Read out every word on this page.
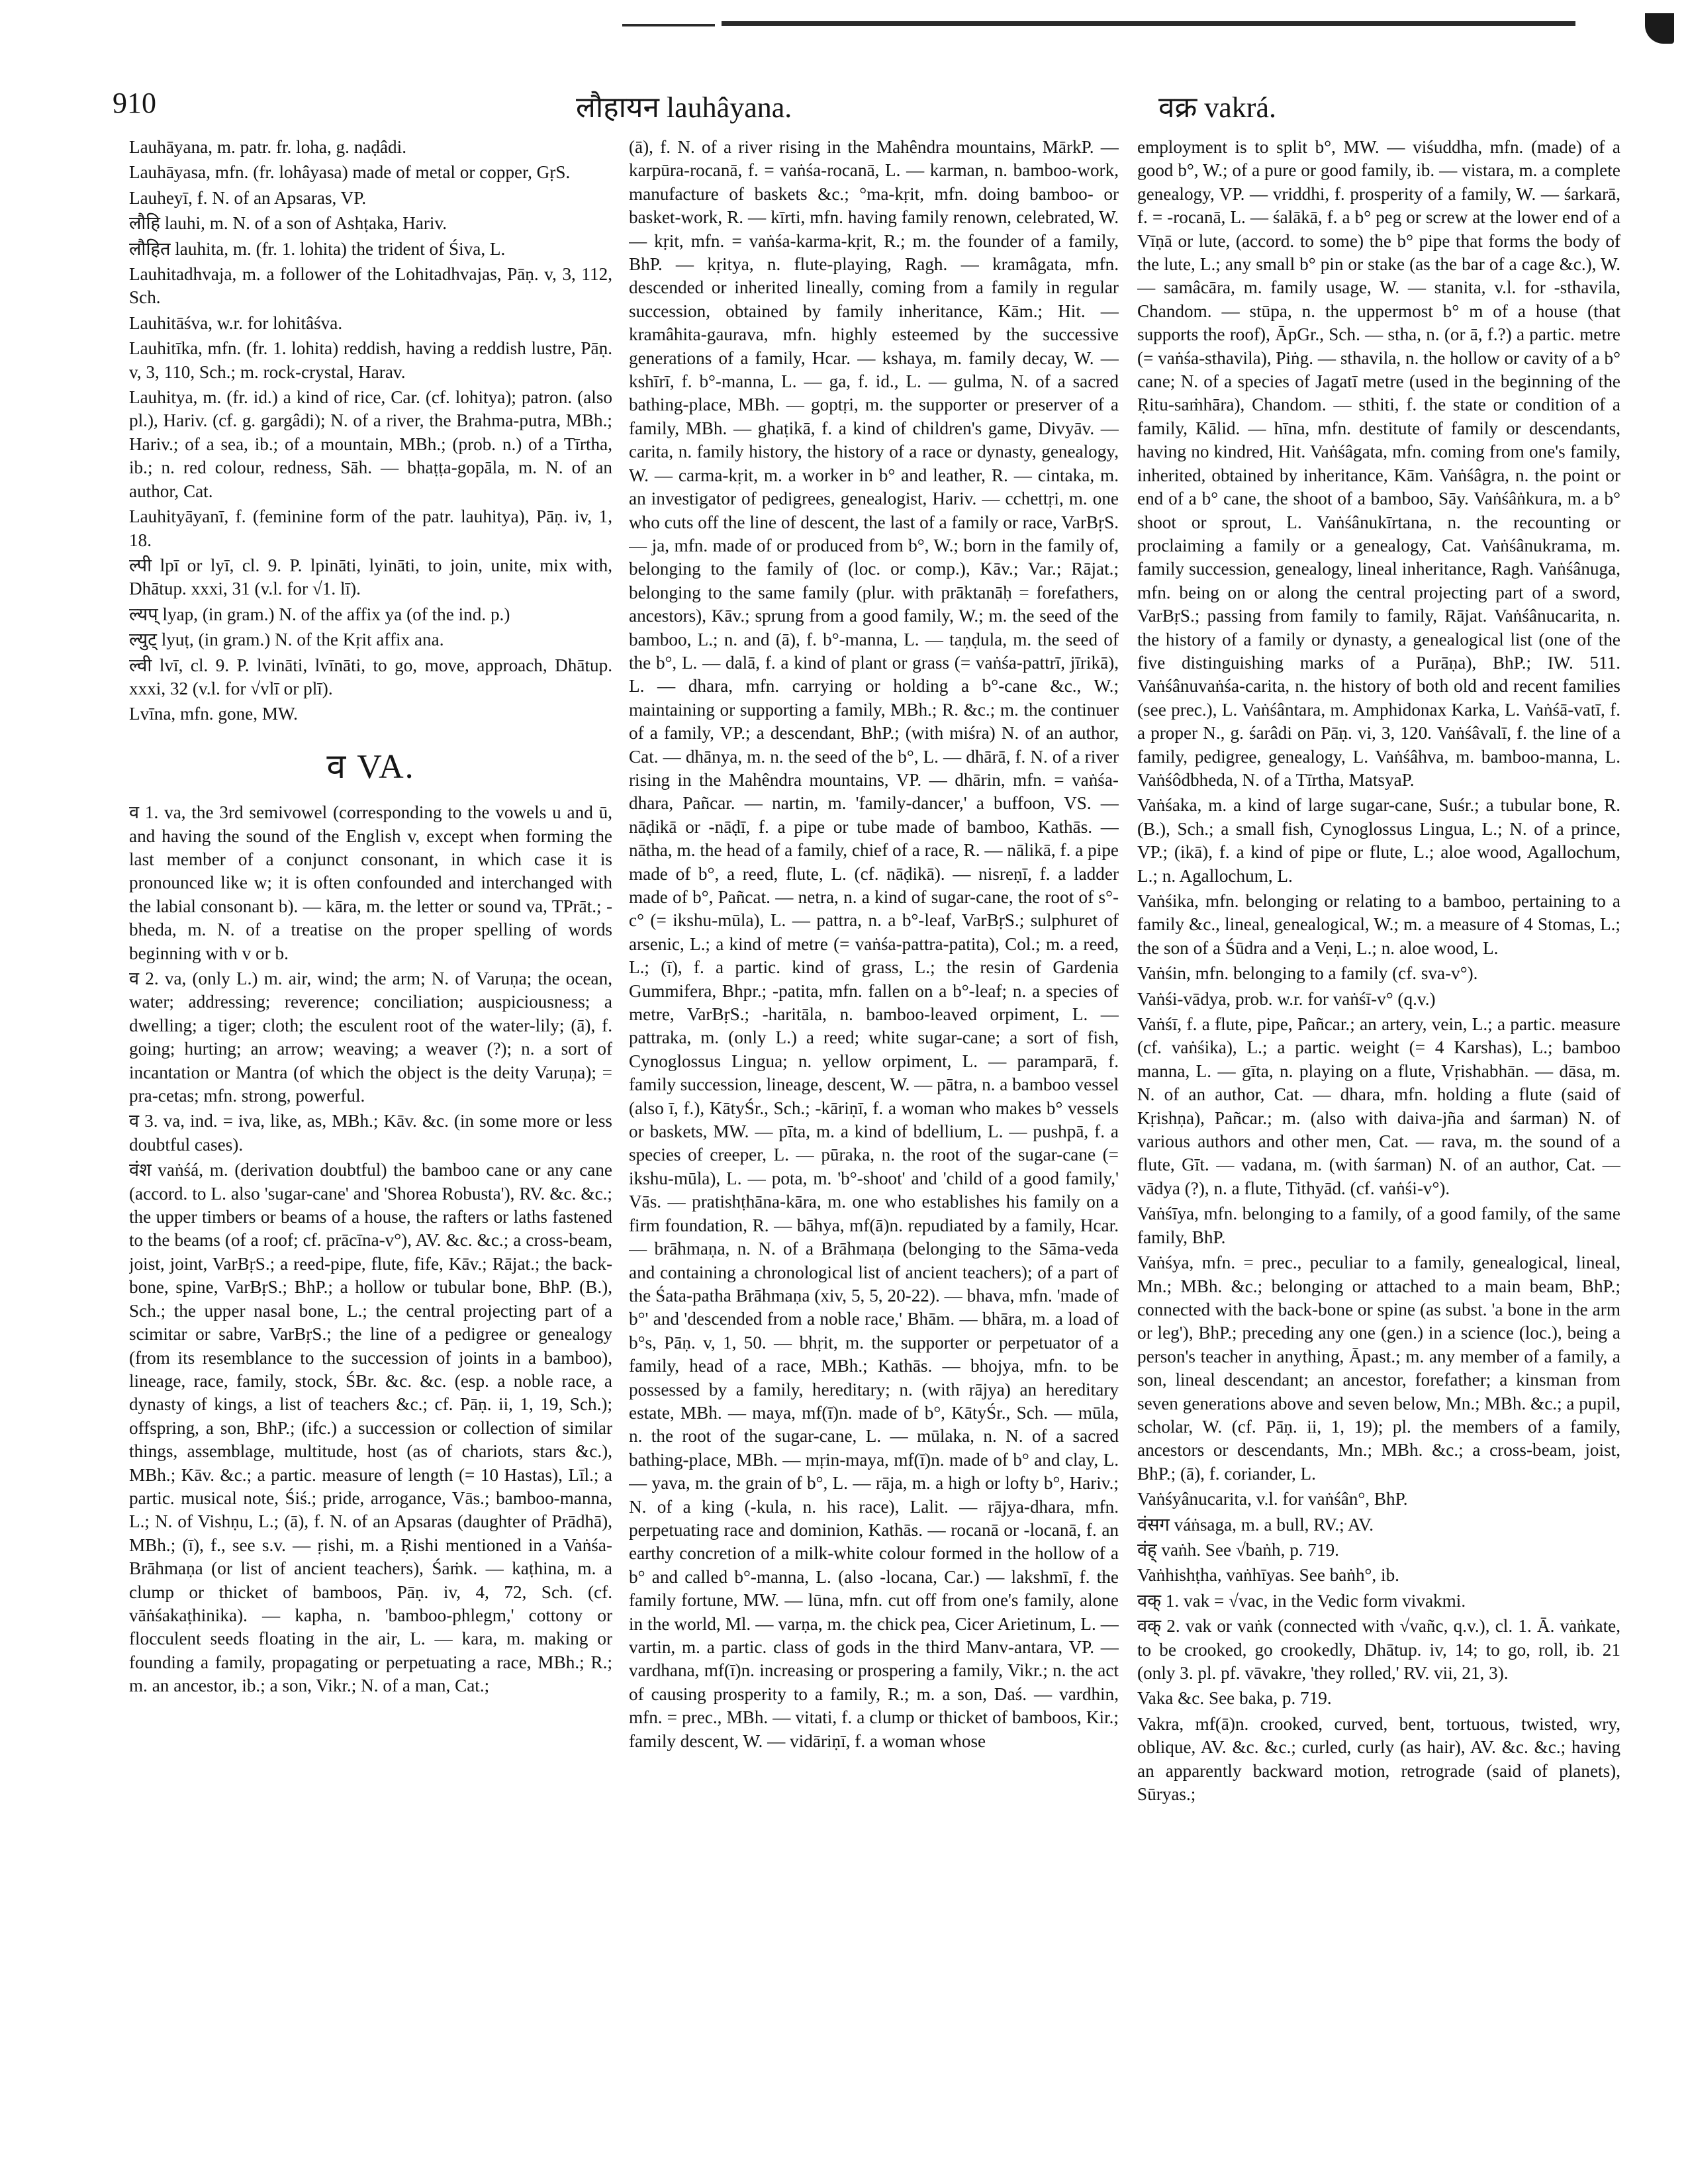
910	लौहायन lauhâyana.	वक्र vakrá.

Lauhāyana, m. patr. fr. loha, g. naḍâdi.

Lauhāyasa, mfn. (fr. lohâyasa) made of metal or copper, GṛS.

Lauheyī, f. N. of an Apsaras, VP.

लौहि lauhi, m. N. of a son of Ashṭaka, Hariv.

लौहित lauhita, m. (fr. 1. lohita) the trident of Śiva, L.

Lauhitadhvaja, m. a follower of the Lohitadhvajas, Pāṇ. v, 3, 112, Sch.

Lauhitāśva, w.r. for lohitâśva.

Lauhitīka, mfn. (fr. 1. lohita) reddish, having a reddish lustre, Pāṇ. v, 3, 110, Sch.; m. rock-crystal, Harav.

Lauhitya, m. (fr. id.) a kind of rice, Car. (cf. lohitya); patron. (also pl.), Hariv. (cf. g. gargâdi); N. of a river, the Brahma-putra, MBh.; Hariv.; of a sea, ib.; of a mountain, MBh.; (prob. n.) of a Tīrtha, ib.; n. red colour, redness, Sāh. — bhaṭṭa-gopāla, m. N. of an author, Cat.

Lauhityāyanī, f. (feminine form of the patr. lauhitya), Pāṇ. iv, 1, 18.

ल्पी lpī or lyī, cl. 9. P. lpināti, lyināti, to join, unite, mix with, Dhātup. xxxi, 31 (v.l. for √1. lī).

ल्यप् lyap, (in gram.) N. of the affix ya (of the ind. p.)

ल्युट् lyuṭ, (in gram.) N. of the Kṛit affix ana.

ल्वी lvī, cl. 9. P. lvināti, lvīnāti, to go, move, approach, Dhātup. xxxi, 32 (v.l. for √vlī or plī).

Lvīna, mfn. gone, MW.

व VA.

व 1. va, the 3rd semivowel (corresponding to the vowels u and ū, and having the sound of the English v, except when forming the last member of a conjunct consonant, in which case it is pronounced like w; it is often confounded and interchanged with the labial consonant b). — kāra, m. the letter or sound va, TPrāt.; -bheda, m. N. of a treatise on the proper spelling of words beginning with v or b.

व 2. va, (only L.) m. air, wind; the arm; N. of Varuṇa; the ocean, water; addressing; reverence; conciliation; auspiciousness; a dwelling; a tiger; cloth; the esculent root of the water-lily; (ā), f. going; hurting; an arrow; weaving; a weaver (?); n. a sort of incantation or Mantra (of which the object is the deity Varuṇa); = pra-cetas; mfn. strong, powerful.

व 3. va, ind. = iva, like, as, MBh.; Kāv. &c. (in some more or less doubtful cases).

वंश vaṅśá, m. (derivation doubtful) the bamboo cane or any cane (accord. to L. also 'sugar-cane' and 'Shorea Robusta'), RV. &c. &c.; the upper timbers or beams of a house, the rafters or laths fastened to the beams (of a roof; cf. prācīna-v°), AV. &c. &c.; a cross-beam, joist, joint, VarBṛS.; a reed-pipe, flute, fife, Kāv.; Rājat.; the back-bone, spine, VarBṛS.; BhP.; a hollow or tubular bone, BhP. (B.), Sch.; the upper nasal bone, L.; the central projecting part of a scimitar or sabre, VarBṛS.; the line of a pedigree or genealogy (from its resemblance to the succession of joints in a bamboo), lineage, race, family, stock, ŚBr. &c. &c. (esp. a noble race, a dynasty of kings, a list of teachers &c.; cf. Pāṇ. ii, 1, 19, Sch.); offspring, a son, BhP.; (ifc.) a succession or collection of similar things, assemblage, multitude, host (as of chariots, stars &c.), MBh.; Kāv. &c.; a partic. measure of length (= 10 Hastas), Līl.; a partic. musical note, Śiś.; pride, arrogance, Vās.; bamboo-manna, L.; N. of Vishṇu, L.; (ā), f. N. of an Apsaras (daughter of Prādhā), MBh.; (ī), f., see s.v. — ṛishi, m. a Ṛishi mentioned in a Vaṅśa-Brāhmaṇa (or list of ancient teachers), Śaṁk. — kaṭhina, m. a clump or thicket of bamboos, Pāṇ. iv, 4, 72, Sch. (cf. vāṅśakaṭhinika). — kapha, n. 'bamboo-phlegm,' cottony or flocculent seeds floating in the air, L. — kara, m. making or founding a family, propagating or perpetuating a race, MBh.; R.; m. an ancestor, ib.; a son, Vikr.; N. of a man, Cat.;

(ā), f. N. of a river rising in the Mahêndra mountains, MārkP. — karpūra-rocanā, f. = vaṅśa-rocanā, L. — karman, n. bamboo-work, manufacture of baskets &c.; °ma-kṛit, mfn. doing bamboo- or basket-work, R. — kīrti, mfn. having family renown, celebrated, W. — kṛit, mfn. = vaṅśa-karma-kṛit, R.; m. the founder of a family, BhP. — kṛitya, n. flute-playing, Ragh. — kramâgata, mfn. descended or inherited lineally, coming from a family in regular succession, obtained by family inheritance, Kām.; Hit. — kramâhita-gaurava, mfn. highly esteemed by the successive generations of a family, Hcar. — kshaya, m. family decay, W. — kshīrī, f. b°-manna, L. — ga, f. id., L. — gulma, N. of a sacred bathing-place, MBh. — goptṛi, m. the supporter or preserver of a family, MBh. — ghaṭikā, f. a kind of children's game, Divyāv. — carita, n. family history, the history of a race or dynasty, genealogy, W. — carma-kṛit, m. a worker in b° and leather, R. — cintaka, m. an investigator of pedigrees, genealogist, Hariv. — cchettṛi, m. one who cuts off the line of descent, the last of a family or race, VarBṛS. — ja, mfn. made of or produced from b°, W.; born in the family of, belonging to the family of (loc. or comp.), Kāv.; Var.; Rājat.; belonging to the same family (plur. with prāktanāḥ = forefathers, ancestors), Kāv.; sprung from a good family, W.; m. the seed of the bamboo, L.; n. and (ā), f. b°-manna, L. — taṇḍula, m. the seed of the b°, L. — dalā, f. a kind of plant or grass (= vaṅśa-pattrī, jīrikā), L. — dhara, mfn. carrying or holding a b°-cane &c., W.; maintaining or supporting a family, MBh.; R. &c.; m. the continuer of a family, VP.; a descendant, BhP.; (with miśra) N. of an author, Cat. — dhānya, m. n. the seed of the b°, L. — dhārā, f. N. of a river rising in the Mahêndra mountains, VP. — dhārin, mfn. = vaṅśa-dhara, Pañcar. — nartin, m. 'family-dancer,' a buffoon, VS. — nāḍikā or -nāḍī, f. a pipe or tube made of bamboo, Kathās. — nātha, m. the head of a family, chief of a race, R. — nālikā, f. a pipe made of b°, a reed, flute, L. (cf. nāḍikā). — nisreṇī, f. a ladder made of b°, Pañcat. — netra, n. a kind of sugar-cane, the root of s°-c° (= ikshu-mūla), L. — pattra, n. a b°-leaf, VarBṛS.; sulphuret of arsenic, L.; a kind of metre (= vaṅśa-pattra-patita), Col.; m. a reed, L.; (ī), f. a partic. kind of grass, L.; the resin of Gardenia Gummifera, Bhpr.; -patita, mfn. fallen on a b°-leaf; n. a species of metre, VarBṛS.; -haritāla, n. bamboo-leaved orpiment, L. — pattraka, m. (only L.) a reed; white sugar-cane; a sort of fish, Cynoglossus Lingua; n. yellow orpiment, L. — paramparā, f. family succession, lineage, descent, W. — pātra, n. a bamboo vessel (also ī, f.), KātyŚr., Sch.; -kāriṇī, f. a woman who makes b° vessels or baskets, MW. — pīta, m. a kind of bdellium, L. — pushpā, f. a species of creeper, L. — pūraka, n. the root of the sugar-cane (= ikshu-mūla), L. — pota, m. 'b°-shoot' and 'child of a good family,' Vās. — pratishṭhāna-kāra, m. one who establishes his family on a firm foundation, R. — bāhya, mf(ā)n. repudiated by a family, Hcar. — brāhmaṇa, n. N. of a Brāhmaṇa (belonging to the Sāma-veda and containing a chronological list of ancient teachers); of a part of the Śata-patha Brāhmaṇa (xiv, 5, 5, 20-22). — bhava, mfn. 'made of b°' and 'descended from a noble race,' Bhām. — bhāra, m. a load of b°s, Pāṇ. v, 1, 50. — bhṛit, m. the supporter or perpetuator of a family, head of a race, MBh.; Kathās. — bhojya, mfn. to be possessed by a family, hereditary; n. (with rājya) an hereditary estate, MBh. — maya, mf(ī)n. made of b°, KātyŚr., Sch. — mūla, n. the root of the sugar-cane, L. — mūlaka, n. N. of a sacred bathing-place, MBh. — mṛin-maya, mf(ī)n. made of b° and clay, L. — yava, m. the grain of b°, L. — rāja, m. a high or lofty b°, Hariv.; N. of a king (-kula, n. his race), Lalit. — rājya-dhara, mfn. perpetuating race and dominion, Kathās. — rocanā or -locanā, f. an earthy concretion of a milk-white colour formed in the hollow of a b° and called b°-manna, L. (also -locana, Car.) — lakshmī, f. the family fortune, MW. — lūna, mfn. cut off from one's family, alone in the world, Ml. — varṇa, m. the chick pea, Cicer Arietinum, L. — vartin, m. a partic. class of gods in the third Manv-antara, VP. — vardhana, mf(ī)n. increasing or prospering a family, Vikr.; n. the act of causing prosperity to a family, R.; m. a son, Daś. — vardhin, mfn. = prec., MBh. — vitati, f. a clump or thicket of bamboos, Kir.; family descent, W. — vidāriṇī, f. a woman whose

employment is to split b°, MW. — viśuddha, mfn. (made) of a good b°, W.; of a pure or good family, ib. — vistara, m. a complete genealogy, VP. — vriddhi, f. prosperity of a family, W. — śarkarā, f. = -rocanā, L. — śalākā, f. a b° peg or screw at the lower end of a Vīṇā or lute, (accord. to some) the b° pipe that forms the body of the lute, L.; any small b° pin or stake (as the bar of a cage &c.), W. — samâcāra, m. family usage, W. — stanita, v.l. for -sthavila, Chandom. — stūpa, n. the uppermost b° m of a house (that supports the roof), ĀpGr., Sch. — stha, n. (or ā, f.?) a partic. metre (= vaṅśa-sthavila), Piṅg. — sthavila, n. the hollow or cavity of a b° cane; N. of a species of Jagatī metre (used in the beginning of the Ṛitu-saṁhāra), Chandom. — sthiti, f. the state or condition of a family, Kālid. — hīna, mfn. destitute of family or descendants, having no kindred, Hit. Vaṅśâgata, mfn. coming from one's family, inherited, obtained by inheritance, Kām. Vaṅśâgra, n. the point or end of a b° cane, the shoot of a bamboo, Sāy. Vaṅśâṅkura, m. a b° shoot or sprout, L. Vaṅśânukīrtana, n. the recounting or proclaiming a family or a genealogy, Cat. Vaṅśânukrama, m. family succession, genealogy, lineal inheritance, Ragh. Vaṅśânuga, mfn. being on or along the central projecting part of a sword, VarBṛS.; passing from family to family, Rājat. Vaṅśânucarita, n. the history of a family or dynasty, a genealogical list (one of the five distinguishing marks of a Purāṇa), BhP.; IW. 511. Vaṅśânuvaṅśa-carita, n. the history of both old and recent families (see prec.), L. Vaṅśântara, m. Amphidonax Karka, L. Vaṅśā-vatī, f. a proper N., g. śarâdi on Pāṇ. vi, 3, 120. Vaṅśâvalī, f. the line of a family, pedigree, genealogy, L. Vaṅśâhva, m. bamboo-manna, L. Vaṅśôdbheda, N. of a Tīrtha, MatsyaP.

Vaṅśaka, m. a kind of large sugar-cane, Suśr.; a tubular bone, R. (B.), Sch.; a small fish, Cynoglossus Lingua, L.; N. of a prince, VP.; (ikā), f. a kind of pipe or flute, L.; aloe wood, Agallochum, L.; n. Agallochum, L.

Vaṅśika, mfn. belonging or relating to a bamboo, pertaining to a family &c., lineal, genealogical, W.; m. a measure of 4 Stomas, L.; the son of a Śūdra and a Veṇi, L.; n. aloe wood, L.

Vaṅśin, mfn. belonging to a family (cf. sva-v°).

Vaṅśi-vādya, prob. w.r. for vaṅśī-v° (q.v.)

Vaṅśī, f. a flute, pipe, Pañcar.; an artery, vein, L.; a partic. measure (cf. vaṅśika), L.; a partic. weight (= 4 Karshas), L.; bamboo manna, L. — gīta, n. playing on a flute, Vṛishabhān. — dāsa, m. N. of an author, Cat. — dhara, mfn. holding a flute (said of Kṛishṇa), Pañcar.; m. (also with daiva-jña and śarman) N. of various authors and other men, Cat. — rava, m. the sound of a flute, Gīt. — vadana, m. (with śarman) N. of an author, Cat. — vādya (?), n. a flute, Tithyād. (cf. vaṅśi-v°).

Vaṅśīya, mfn. belonging to a family, of a good family, of the same family, BhP.

Vaṅśya, mfn. = prec., peculiar to a family, genealogical, lineal, Mn.; MBh. &c.; belonging or attached to a main beam, BhP.; connected with the back-bone or spine (as subst. 'a bone in the arm or leg'), BhP.; preceding any one (gen.) in a science (loc.), being a person's teacher in anything, Āpast.; m. any member of a family, a son, lineal descendant; an ancestor, forefather; a kinsman from seven generations above and seven below, Mn.; MBh. &c.; a pupil, scholar, W. (cf. Pāṇ. ii, 1, 19); pl. the members of a family, ancestors or descendants, Mn.; MBh. &c.; a cross-beam, joist, BhP.; (ā), f. coriander, L.

Vaṅśyânucarita, v.l. for vaṅśân°, BhP.

वंसग váṅsaga, m. a bull, RV.; AV.

वंह् vaṅh. See √baṅh, p. 719.

Vaṅhishṭha, vaṅhīyas. See baṅh°, ib.

वक् 1. vak = √vac, in the Vedic form vivakmi.

वक् 2. vak or vaṅk (connected with √vañc, q.v.), cl. 1. Ā. vaṅkate, to be crooked, go crookedly, Dhātup. iv, 14; to go, roll, ib. 21 (only 3. pl. pf. vāvakre, 'they rolled,' RV. vii, 21, 3).

Vaka &c. See baka, p. 719.

Vakra, mf(ā)n. crooked, curved, bent, tortuous, twisted, wry, oblique, AV. &c. &c.; curled, curly (as hair), AV. &c. &c.; having an apparently backward motion, retrograde (said of planets), Sūryas.;
